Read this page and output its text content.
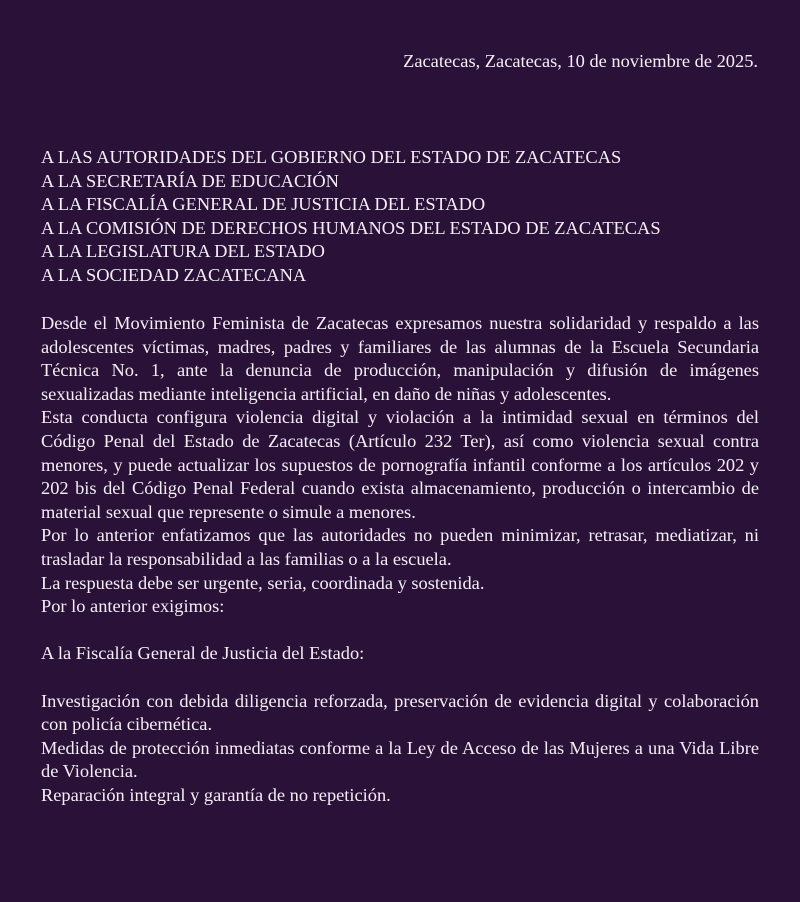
Zacatecas, Zacatecas, 10 de noviembre de 2025.
A LAS AUTORIDADES DEL GOBIERNO DEL ESTADO DE ZACATECAS
A LA SECRETARÍA DE EDUCACIÓN
A LA FISCALÍA GENERAL DE JUSTICIA DEL ESTADO
A LA COMISIÓN DE DERECHOS HUMANOS DEL ESTADO DE ZACATECAS
A LA LEGISLATURA DEL ESTADO
A LA SOCIEDAD ZACATECANA

Desde el Movimiento Feminista de Zacatecas expresamos nuestra solidaridad y respaldo a las adolescentes víctimas, madres, padres y familiares de las alumnas de la Escuela Secundaria Técnica No. 1, ante la denuncia de producción, manipulación y difusión de imágenes sexualizadas mediante inteligencia artificial, en daño de niñas y adolescentes.

Esta conducta configura violencia digital y violación a la intimidad sexual en términos del Código Penal del Estado de Zacatecas (Artículo 232 Ter), así como violencia sexual contra menores, y puede actualizar los supuestos de pornografía infantil conforme a los artículos 202 y 202 bis del Código Penal Federal cuando exista almacenamiento, producción o intercambio de material sexual que represente o simule a menores.

Por lo anterior enfatizamos que las autoridades no pueden minimizar, retrasar, mediatizar, ni trasladar la responsabilidad a las familias o a la escuela.

La respuesta debe ser urgente, seria, coordinada y sostenida.

Por lo anterior exigimos:

A la Fiscalía General de Justicia del Estado:

Investigación con debida diligencia reforzada, preservación de evidencia digital y colaboración con policía cibernética.

Medidas de protección inmediatas conforme a la Ley de Acceso de las Mujeres a una Vida Libre de Violencia.

Reparación integral y garantía de no repetición.
